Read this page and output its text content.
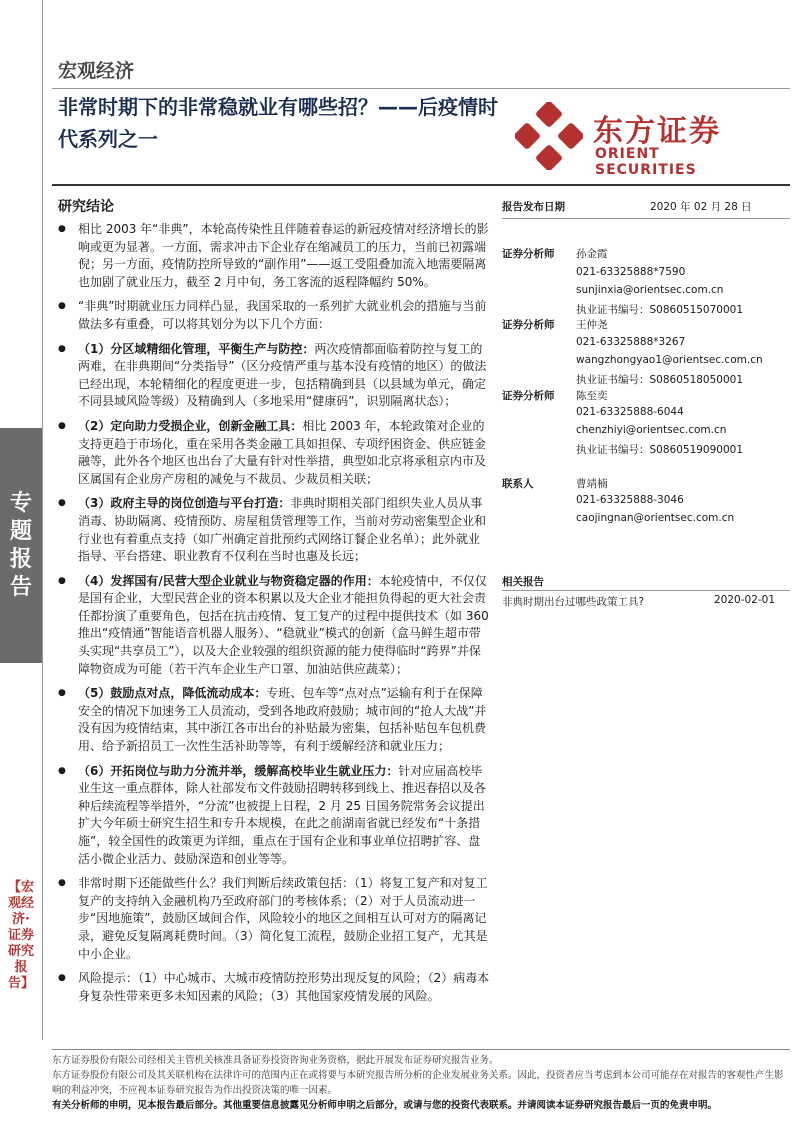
专题报告
【宏观经济·证券研究报告】
宏观经济
非常时期下的非常稳就业有哪些招？——后疫情时代系列之一	东方证券
ORIENT SECURITIES
研究结论
● 相比 2003 年“非典”，本轮高传染性且伴随着春运的新冠疫情对经济增长的影响或更为显著。一方面，需求冲击下企业存在缩减员工的压力，当前已初露端倪；另一方面，疫情防控所导致的“副作用”——返工受阻叠加流入地需要隔离也加剧了就业压力，截至 2 月中旬，务工客流的返程降幅约 50%。
● “非典”时期就业压力同样凸显，我国采取的一系列扩大就业机会的措施与当前做法多有重叠，可以将其划分为以下几个方面：
● （1）分区域精细化管理，平衡生产与防控：两次疫情都面临着防控与复工的两难，在非典期间“分类指导”（区分疫情严重与基本没有疫情的地区）的做法已经出现，本轮精细化的程度更进一步，包括精确到县（以县域为单元，确定不同县域风险等级）及精确到人（多地采用“健康码”，识别隔离状态）；
● （2）定向助力受损企业，创新金融工具：相比 2003 年，本轮政策对企业的支持更趋于市场化，重在采用各类金融工具如担保、专项纾困资金、供应链金融等，此外各个地区也出台了大量有针对性举措，典型如北京将承租京内市及区属国有企业房产房租的减免与不裁员、少裁员相关联；
● （3）政府主导的岗位创造与平台打造：非典时期相关部门组织失业人员从事消毒、协助隔离、疫情预防、房屋租赁管理等工作，当前对劳动密集型企业和行业也有着重点支持（如广州确定首批预约式网络订餐企业名单）；此外就业指导、平台搭建、职业教育不仅利在当时也惠及长远；
● （4）发挥国有/民营大型企业就业与物资稳定器的作用：本轮疫情中，不仅仅是国有企业，大型民营企业的资本积累以及大企业才能担负得起的更大社会责任都扮演了重要角色，包括在抗击疫情、复工复产的过程中提供技术（如 360 推出“疫情通”智能语音机器人服务）、“稳就业”模式的创新（盒马鲜生超市带头实现“共享员工”），以及大企业较强的组织资源的能力使得临时“跨界”并保障物资成为可能（若干汽车企业生产口罩、加油站供应蔬菜）；
● （5）鼓励点对点，降低流动成本：专班、包车等“点对点”运输有利于在保障安全的情况下加速务工人员流动，受到各地政府鼓励；城市间的“抢人大战”并没有因为疫情结束，其中浙江各市出台的补贴最为密集，包括补贴包车包机费用、给予新招员工一次性生活补助等等，有利于缓解经济和就业压力；
● （6）开拓岗位与助力分流并举，缓解高校毕业生就业压力：针对应届高校毕业生这一重点群体，除人社部发布文件鼓励招聘转移到线上、推迟春招以及各种后续流程等举措外，“分流”也被提上日程，2 月 25 日国务院常务会议提出扩大今年硕士研究生招生和专升本规模，在此之前湖南省就已经发布“十条措施”，较全国性的政策更为详细，重点在于国有企业和事业单位招聘扩容、盘活小微企业活力、鼓励深造和创业等等。
● 非常时期下还能做些什么？我们判断后续政策包括：（1）将复工复产和对复工复产的支持纳入金融机构乃至政府部门的考核体系；（2）对于人员流动进一步“因地施策”，鼓励区域间合作，风险较小的地区之间相互认可对方的隔离记录，避免反复隔离耗费时间。（3）简化复工流程，鼓励企业招工复产，尤其是中小企业。
● 风险提示：（1）中心城市、大城市疫情防控形势出现反复的风险；（2）病毒本身复杂性带来更多未知因素的风险；（3）其他国家疫情发展的风险。
报告发布日期	2020 年 02 月 28 日
证券分析师 孙金霞
021-63325888*7590
sunjinxia@orientsec.com.cn
执业证书编号：S0860515070001
证券分析师 王仲尧
021-63325888*3267
wangzhongyao1@orientsec.com.cn
执业证书编号：S0860518050001
证券分析师 陈至奕
021-63325888-6044
chenzhiyi@orientsec.com.cn
执业证书编号：S0860519090001
联系人	曹靖楠
021-63325888-3046
caojingnan@orientsec.com.cn
相关报告
非典时期出台过哪些政策工具?	2020-02-01
东方证券股份有限公司经相关主管机关核准具备证券投资咨询业务资格，据此开展发布证券研究报告业务。
东方证券股份有限公司及其关联机构在法律许可的范围内正在或将要与本研究报告所分析的企业发展业务关系。因此，投资者应当考虑到本公司可能存在对报告的客观性产生影响的利益冲突，不应视本证券研究报告为作出投资决策的唯一因素。
有关分析师的申明，见本报告最后部分。其他重要信息披露见分析师申明之后部分，或请与您的投资代表联系。并请阅读本证券研究报告最后一页的免责申明。
